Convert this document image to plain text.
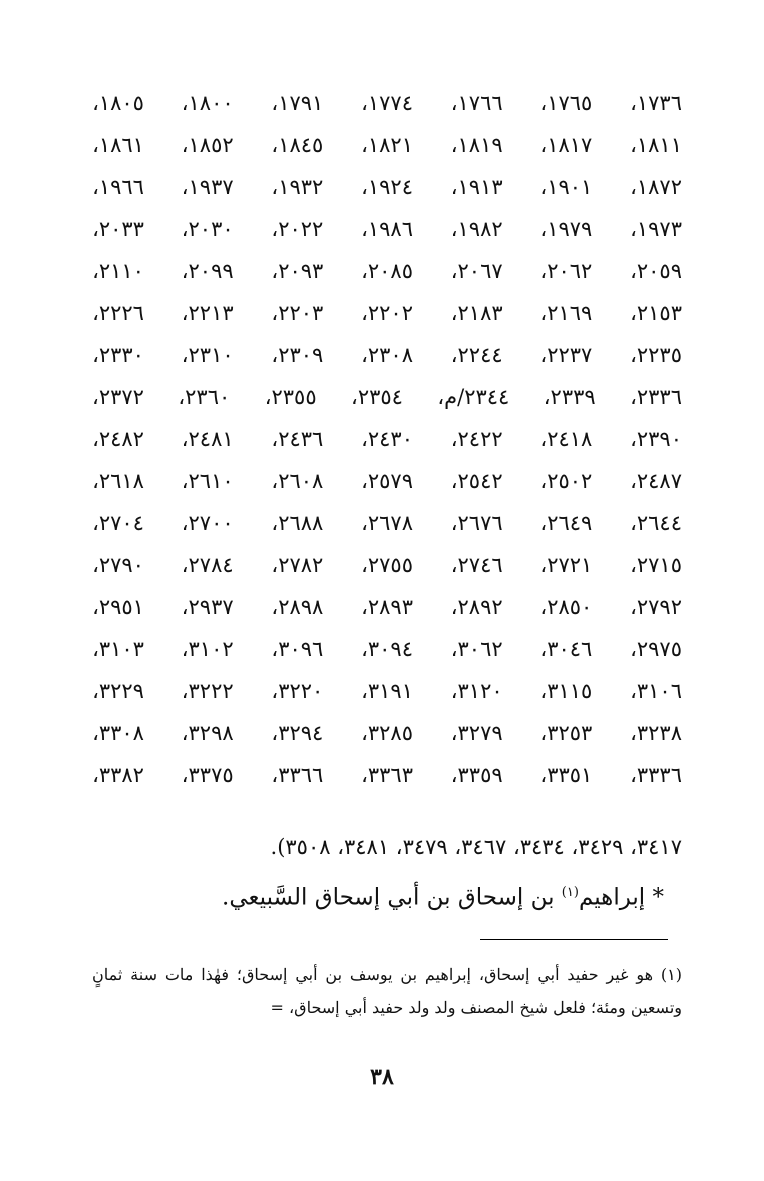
١٧٣٦،
١٧٦٥،
١٧٦٦،
١٧٧٤،
١٧٩١،
١٨٠٠،
١٨٠٥،
١٨١١،
١٨١٧،
١٨١٩،
١٨٢١،
١٨٤٥،
١٨٥٢،
١٨٦١،
١٨٧٢،
١٩٠١،
١٩١٣،
١٩٢٤،
١٩٣٢،
١٩٣٧،
١٩٦٦،
١٩٧٣،
١٩٧٩،
١٩٨٢،
١٩٨٦،
٢٠٢٢،
٢٠٣٠،
٢٠٣٣،
٢٠٥٩،
٢٠٦٢،
٢٠٦٧،
٢٠٨٥،
٢٠٩٣،
٢٠٩٩،
٢١١٠،
٢١٥٣،
٢١٦٩،
٢١٨٣،
٢٢٠٢،
٢٢٠٣،
٢٢١٣،
٢٢٢٦،
٢٢٣٥،
٢٢٣٧،
٢٢٤٤،
٢٣٠٨،
٢٣٠٩،
٢٣١٠،
٢٣٣٠،
٢٣٣٦،
٢٣٣٩،
٢٣٤٤/م،
٢٣٥٤،
٢٣٥٥،
٢٣٦٠،
٢٣٧٢،
٢٣٩٠،
٢٤١٨،
٢٤٢٢،
٢٤٣٠،
٢٤٣٦،
٢٤٨١،
٢٤٨٢،
٢٤٨٧،
٢٥٠٢،
٢٥٤٢،
٢٥٧٩،
٢٦٠٨،
٢٦١٠،
٢٦١٨،
٢٦٤٤،
٢٦٤٩،
٢٦٧٦،
٢٦٧٨،
٢٦٨٨،
٢٧٠٠،
٢٧٠٤،
٢٧١٥،
٢٧٢١،
٢٧٤٦،
٢٧٥٥،
٢٧٨٢،
٢٧٨٤،
٢٧٩٠،
٢٧٩٢،
٢٨٥٠،
٢٨٩٢،
٢٨٩٣،
٢٨٩٨،
٢٩٣٧،
٢٩٥١،
٢٩٧٥،
٣٠٤٦،
٣٠٦٢،
٣٠٩٤،
٣٠٩٦،
٣١٠٢،
٣١٠٣،
٣١٠٦،
٣١١٥،
٣١٢٠،
٣١٩١،
٣٢٢٠،
٣٢٢٢،
٣٢٢٩،
٣٢٣٨،
٣٢٥٣،
٣٢٧٩،
٣٢٨٥،
٣٢٩٤،
٣٢٩٨،
٣٣٠٨،
٣٣٣٦،
٣٣٥١،
٣٣٥٩،
٣٣٦٣،
٣٣٦٦،
٣٣٧٥،
٣٣٨٢،
٣٤١٧، ٣٤٢٩، ٣٤٣٤، ٣٤٦٧، ٣٤٧٩، ٣٤٨١، ٣٥٠٨).
* إبراهيم$^{(١)}$ بن إسحاق بن أبي إسحاق السَّبيعي.
(١) هو غير حفيد أبي إسحاق، إبراهيم بن يوسف بن أبي إسحاق؛ فهٰذا مات سنة ثمانٍ وتسعين ومئة؛ فلعل شيخ المصنف ولد ولد حفيد أبي إسحاق، =
٣٨
